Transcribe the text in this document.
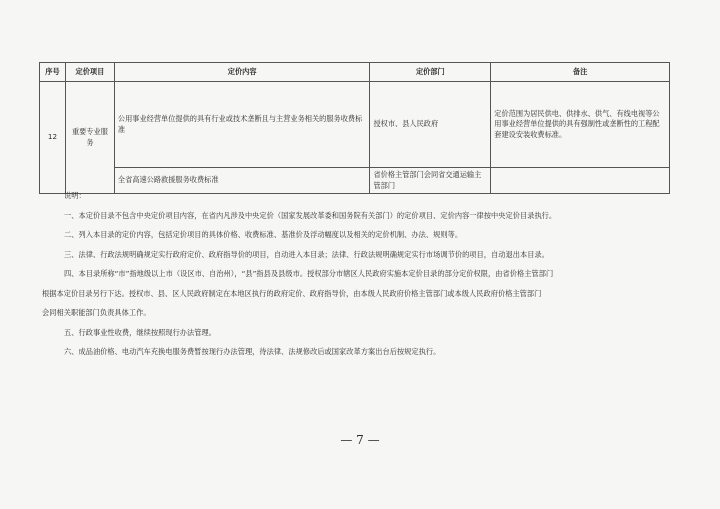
序号	定价项目	定价内容	定价部门	备注
12	重要专业服务	公用事业经营单位提供的具有行业或技术垄断且与主营业务相关的服务收费标准	授权市、县人民政府	定价范围为居民供电、供排水、供气、有线电视等公用事业经营单位提供的具有强制性或垄断性的工程配套建设安装收费标准。
		全省高速公路救援服务收费标准	省价格主管部门会同省交通运输主管部门	

说明：

一、本定价目录不包含中央定价项目内容，在省内凡涉及中央定价（国家发展改革委和国务院有关部门）的定价项目、定价内容一律按中央定价目录执行。

二、列入本目录的定价内容，包括定价项目的具体价格、收费标准、基准价及浮动幅度以及相关的定价机制、办法、规则等。

三、法律、行政法规明确规定实行政府定价、政府指导价的项目，自动进入本目录；法律、行政法规明确规定实行市场调节价的项目，自动退出本目录。

四、本目录所称“市”指地级以上市（设区市、自治州），“县”指县及县级市。授权部分市辖区人民政府实施本定价目录的部分定价权限，由省价格主管部门

根据本定价目录另行下达。授权市、县、区人民政府制定在本地区执行的政府定价、政府指导价，由本级人民政府价格主管部门或本级人民政府价格主管部门

会同相关职能部门负责具体工作。

五、行政事业性收费，继续按照现行办法管理。

六、成品油价格、电动汽车充换电服务费暂按现行办法管理，待法律、法规修改后或国家改革方案出台后按规定执行。

— 7 —
